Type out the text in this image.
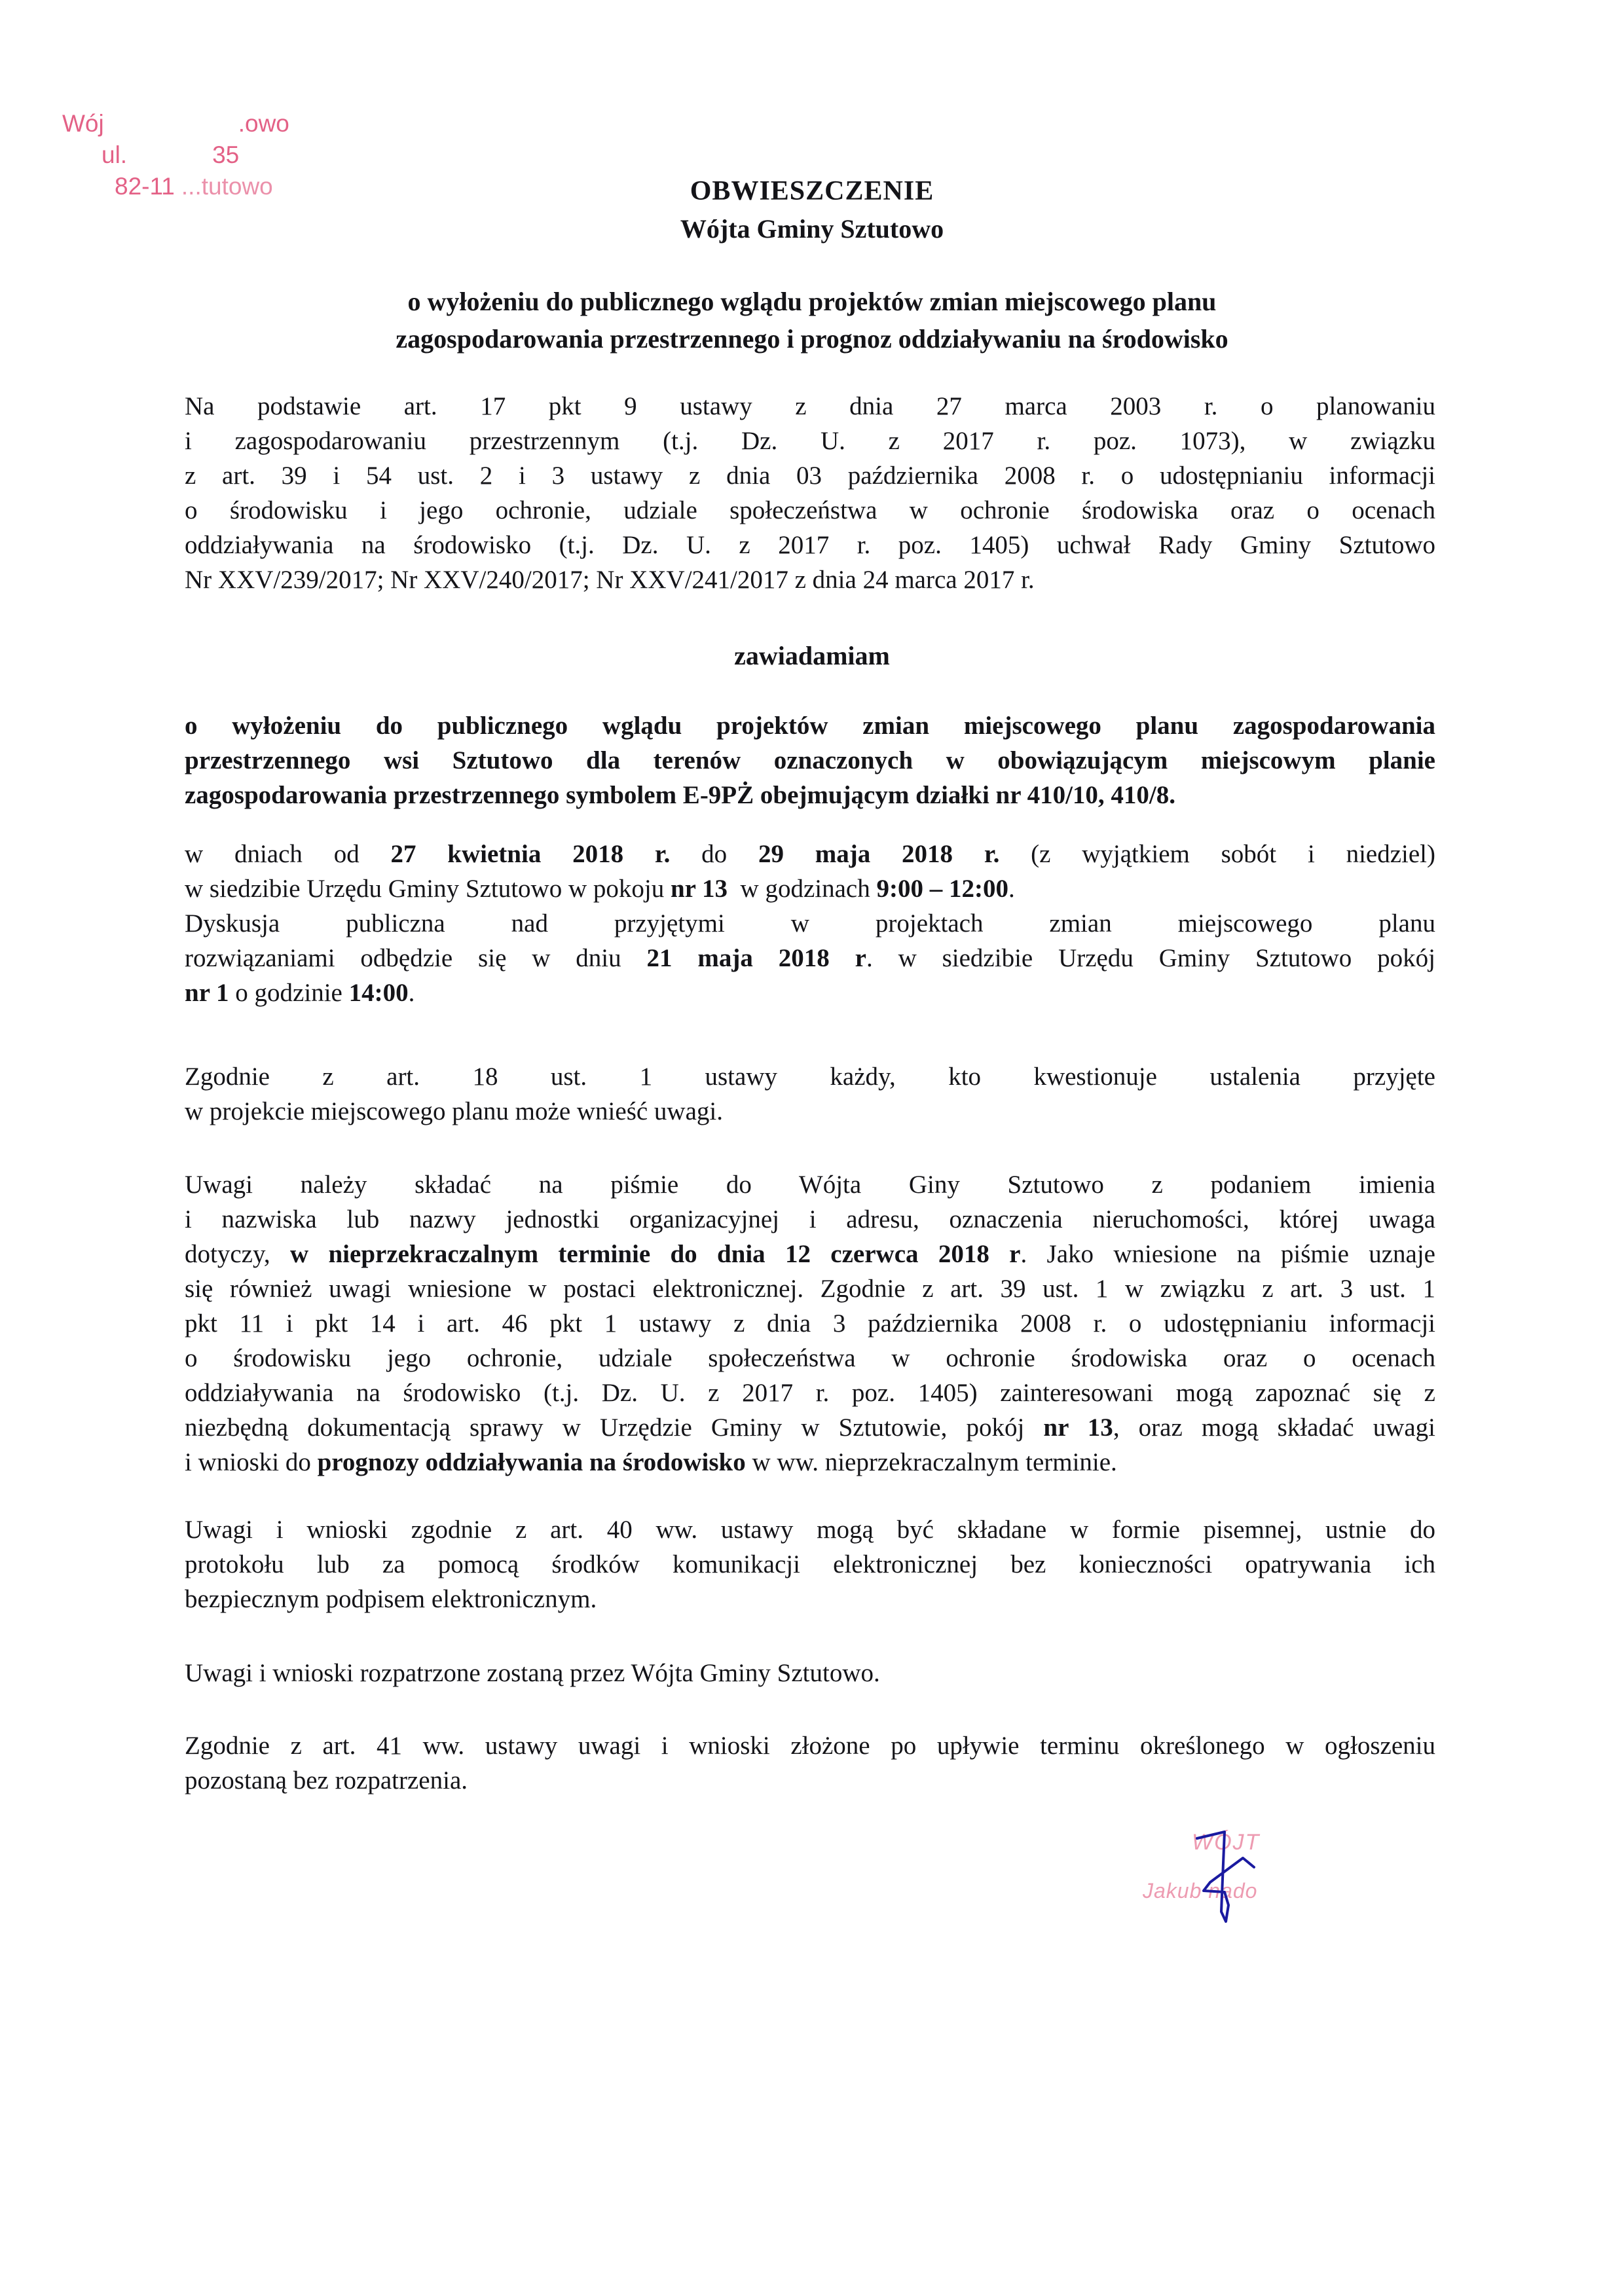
Wój	.owo
ul.	35
82-11 ...tutowo	OBWIESZCZENIE
Wójta Gminy Sztutowo
o wyłożeniu do publicznego wglądu projektów zmian miejscowego planu
zagospodarowania przestrzennego i prognoz oddziaływaniu na środowisko
Na podstawie art. 17 pkt 9 ustawy z dnia 27 marca 2003 r. o planowaniu
i zagospodarowaniu przestrzennym (t.j. Dz. U. z 2017 r. poz. 1073), w związku
z art. 39 i 54 ust. 2 i 3 ustawy z dnia 03 października 2008 r. o udostępnianiu informacji
o środowisku i jego ochronie, udziale społeczeństwa w ochronie środowiska oraz o ocenach
oddziaływania na środowisko (t.j. Dz. U. z 2017 r. poz. 1405) uchwał Rady Gminy Sztutowo
Nr XXV/239/2017; Nr XXV/240/2017; Nr XXV/241/2017 z dnia 24 marca 2017 r.
zawiadamiam
o wyłożeniu do publicznego wglądu projektów zmian miejscowego planu zagospodarowania
przestrzennego wsi Sztutowo dla terenów oznaczonych w obowiązującym miejscowym planie
zagospodarowania przestrzennego symbolem E-9PŻ obejmującym działki nr 410/10, 410/8.
w dniach od 27 kwietnia 2018 r. do 29 maja 2018 r. (z wyjątkiem sobót i niedziel)
w siedzibie Urzędu Gminy Sztutowo w pokoju nr 13  w godzinach 9:00 – 12:00.
Dyskusja publiczna nad przyjętymi w projektach zmian miejscowego planu
rozwiązaniami odbędzie się w dniu 21 maja 2018 r. w siedzibie Urzędu Gminy Sztutowo pokój
nr 1 o godzinie 14:00.
Zgodnie z art. 18 ust. 1 ustawy każdy, kto kwestionuje ustalenia przyjęte
w projekcie miejscowego planu może wnieść uwagi.
Uwagi należy składać na piśmie do Wójta Giny Sztutowo z podaniem imienia
i nazwiska lub nazwy jednostki organizacyjnej i adresu, oznaczenia nieruchomości, której uwaga
dotyczy, w nieprzekraczalnym terminie do dnia 12 czerwca 2018 r. Jako wniesione na piśmie uznaje
się również uwagi wniesione w postaci elektronicznej. Zgodnie z art. 39 ust. 1 w związku z art. 3 ust. 1
pkt 11 i pkt 14 i art. 46 pkt 1 ustawy z dnia 3 października 2008 r. o udostępnianiu informacji
o środowisku jego ochronie, udziale społeczeństwa w ochronie środowiska oraz o ocenach
oddziaływania na środowisko (t.j. Dz. U. z 2017 r. poz. 1405) zainteresowani mogą zapoznać się z
niezbędną dokumentacją sprawy w Urzędzie Gminy w Sztutowie, pokój nr 13, oraz mogą składać uwagi
i wnioski do prognozy oddziaływania na środowisko w ww. nieprzekraczalnym terminie.
Uwagi i wnioski zgodnie z art. 40 ww. ustawy mogą być składane w formie pisemnej, ustnie do
protokołu lub za pomocą środków komunikacji elektronicznej bez konieczności opatrywania ich
bezpiecznym podpisem elektronicznym.
Uwagi i wnioski rozpatrzone zostaną przez Wójta Gminy Sztutowo.
Zgodnie z art. 41 ww. ustawy uwagi i wnioski złożone po upływie terminu określonego w ogłoszeniu
pozostaną bez rozpatrzenia.
WÓJT
Jakub nado
